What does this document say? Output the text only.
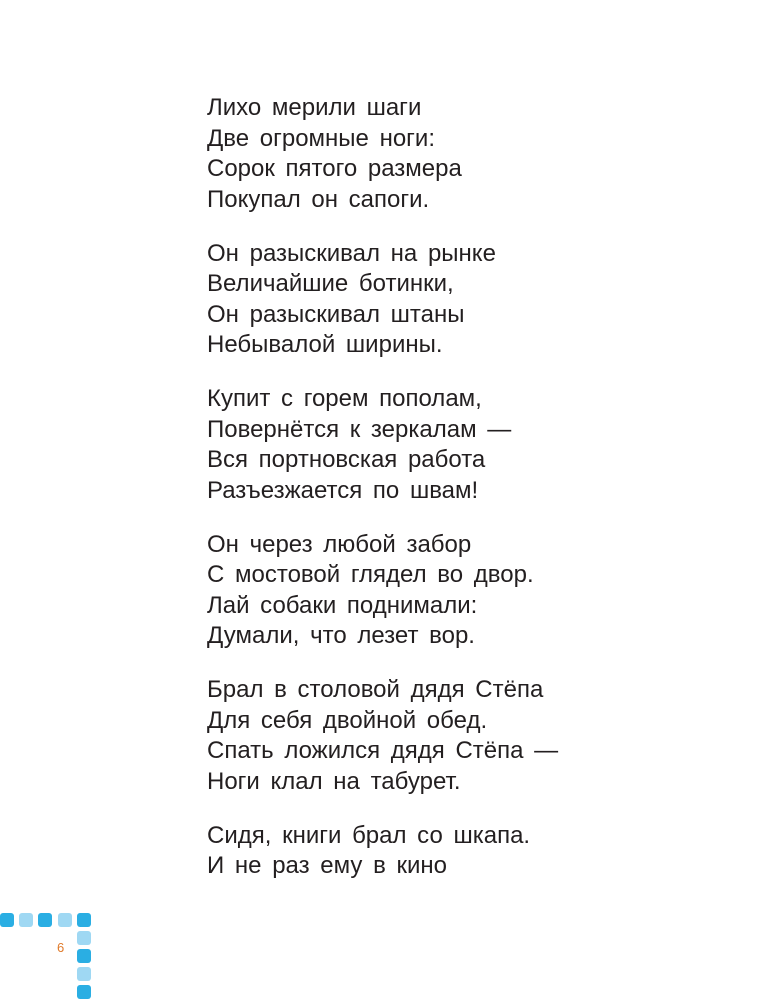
Лихо мерили шаги
Две огромные ноги:
Сорок пятого размера
Покупал он сапоги.
Он разыскивал на рынке
Величайшие ботинки,
Он разыскивал штаны
Небывалой ширины.
Купит с горем пополам,
Повернётся к зеркалам —
Вся портновская работа
Разъезжается по швам!
Он через любой забор
С мостовой глядел во двор.
Лай собаки поднимали:
Думали, что лезет вор.
Брал в столовой дядя Стёпа
Для себя двойной обед.
Спать ложился дядя Стёпа —
Ноги клал на табурет.
Сидя, книги брал со шкапа.
И не раз ему в кино
6
